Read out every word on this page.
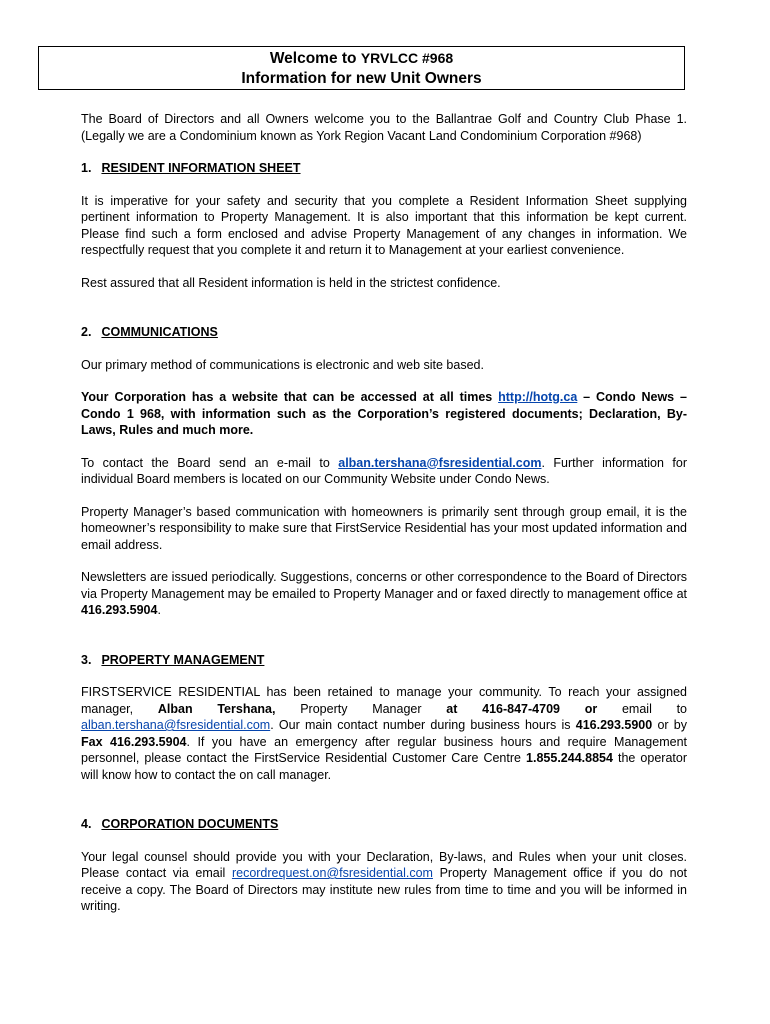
Welcome to YRVLCC #968
Information for new Unit Owners

The Board of Directors and all Owners welcome you to the Ballantrae Golf and Country Club Phase 1. (Legally we are a Condominium known as York Region Vacant Land Condominium Corporation #968)

1. RESIDENT INFORMATION SHEET

It is imperative for your safety and security that you complete a Resident Information Sheet supplying pertinent information to Property Management. It is also important that this information be kept current. Please find such a form enclosed and advise Property Management of any changes in information. We respectfully request that you complete it and return it to Management at your earliest convenience.

Rest assured that all Resident information is held in the strictest confidence.

2. COMMUNICATIONS

Our primary method of communications is electronic and web site based.

Your Corporation has a website that can be accessed at all times http://hotg.ca – Condo News – Condo 1 968, with information such as the Corporation’s registered documents; Declaration, By-Laws, Rules and much more.

To contact the Board send an e-mail to alban.tershana@fsresidential.com. Further information for individual Board members is located on our Community Website under Condo News.

Property Manager’s based communication with homeowners is primarily sent through group email, it is the homeowner’s responsibility to make sure that FirstService Residential has your most updated information and email address.

Newsletters are issued periodically. Suggestions, concerns or other correspondence to the Board of Directors via Property Management may be emailed to Property Manager and or faxed directly to management office at 416.293.5904.

3. PROPERTY MANAGEMENT

FIRSTSERVICE RESIDENTIAL has been retained to manage your community. To reach your assigned manager, Alban Tershana, Property Manager at 416-847-4709 or email to alban.tershana@fsresidential.com. Our main contact number during business hours is 416.293.5900 or by Fax 416.293.5904. If you have an emergency after regular business hours and require Management personnel, please contact the FirstService Residential Customer Care Centre 1.855.244.8854 the operator will know how to contact the on call manager.

4. CORPORATION DOCUMENTS

Your legal counsel should provide you with your Declaration, By-laws, and Rules when your unit closes. Please contact via email recordrequest.on@fsresidential.com Property Management office if you do not receive a copy. The Board of Directors may institute new rules from time to time and you will be informed in writing.
